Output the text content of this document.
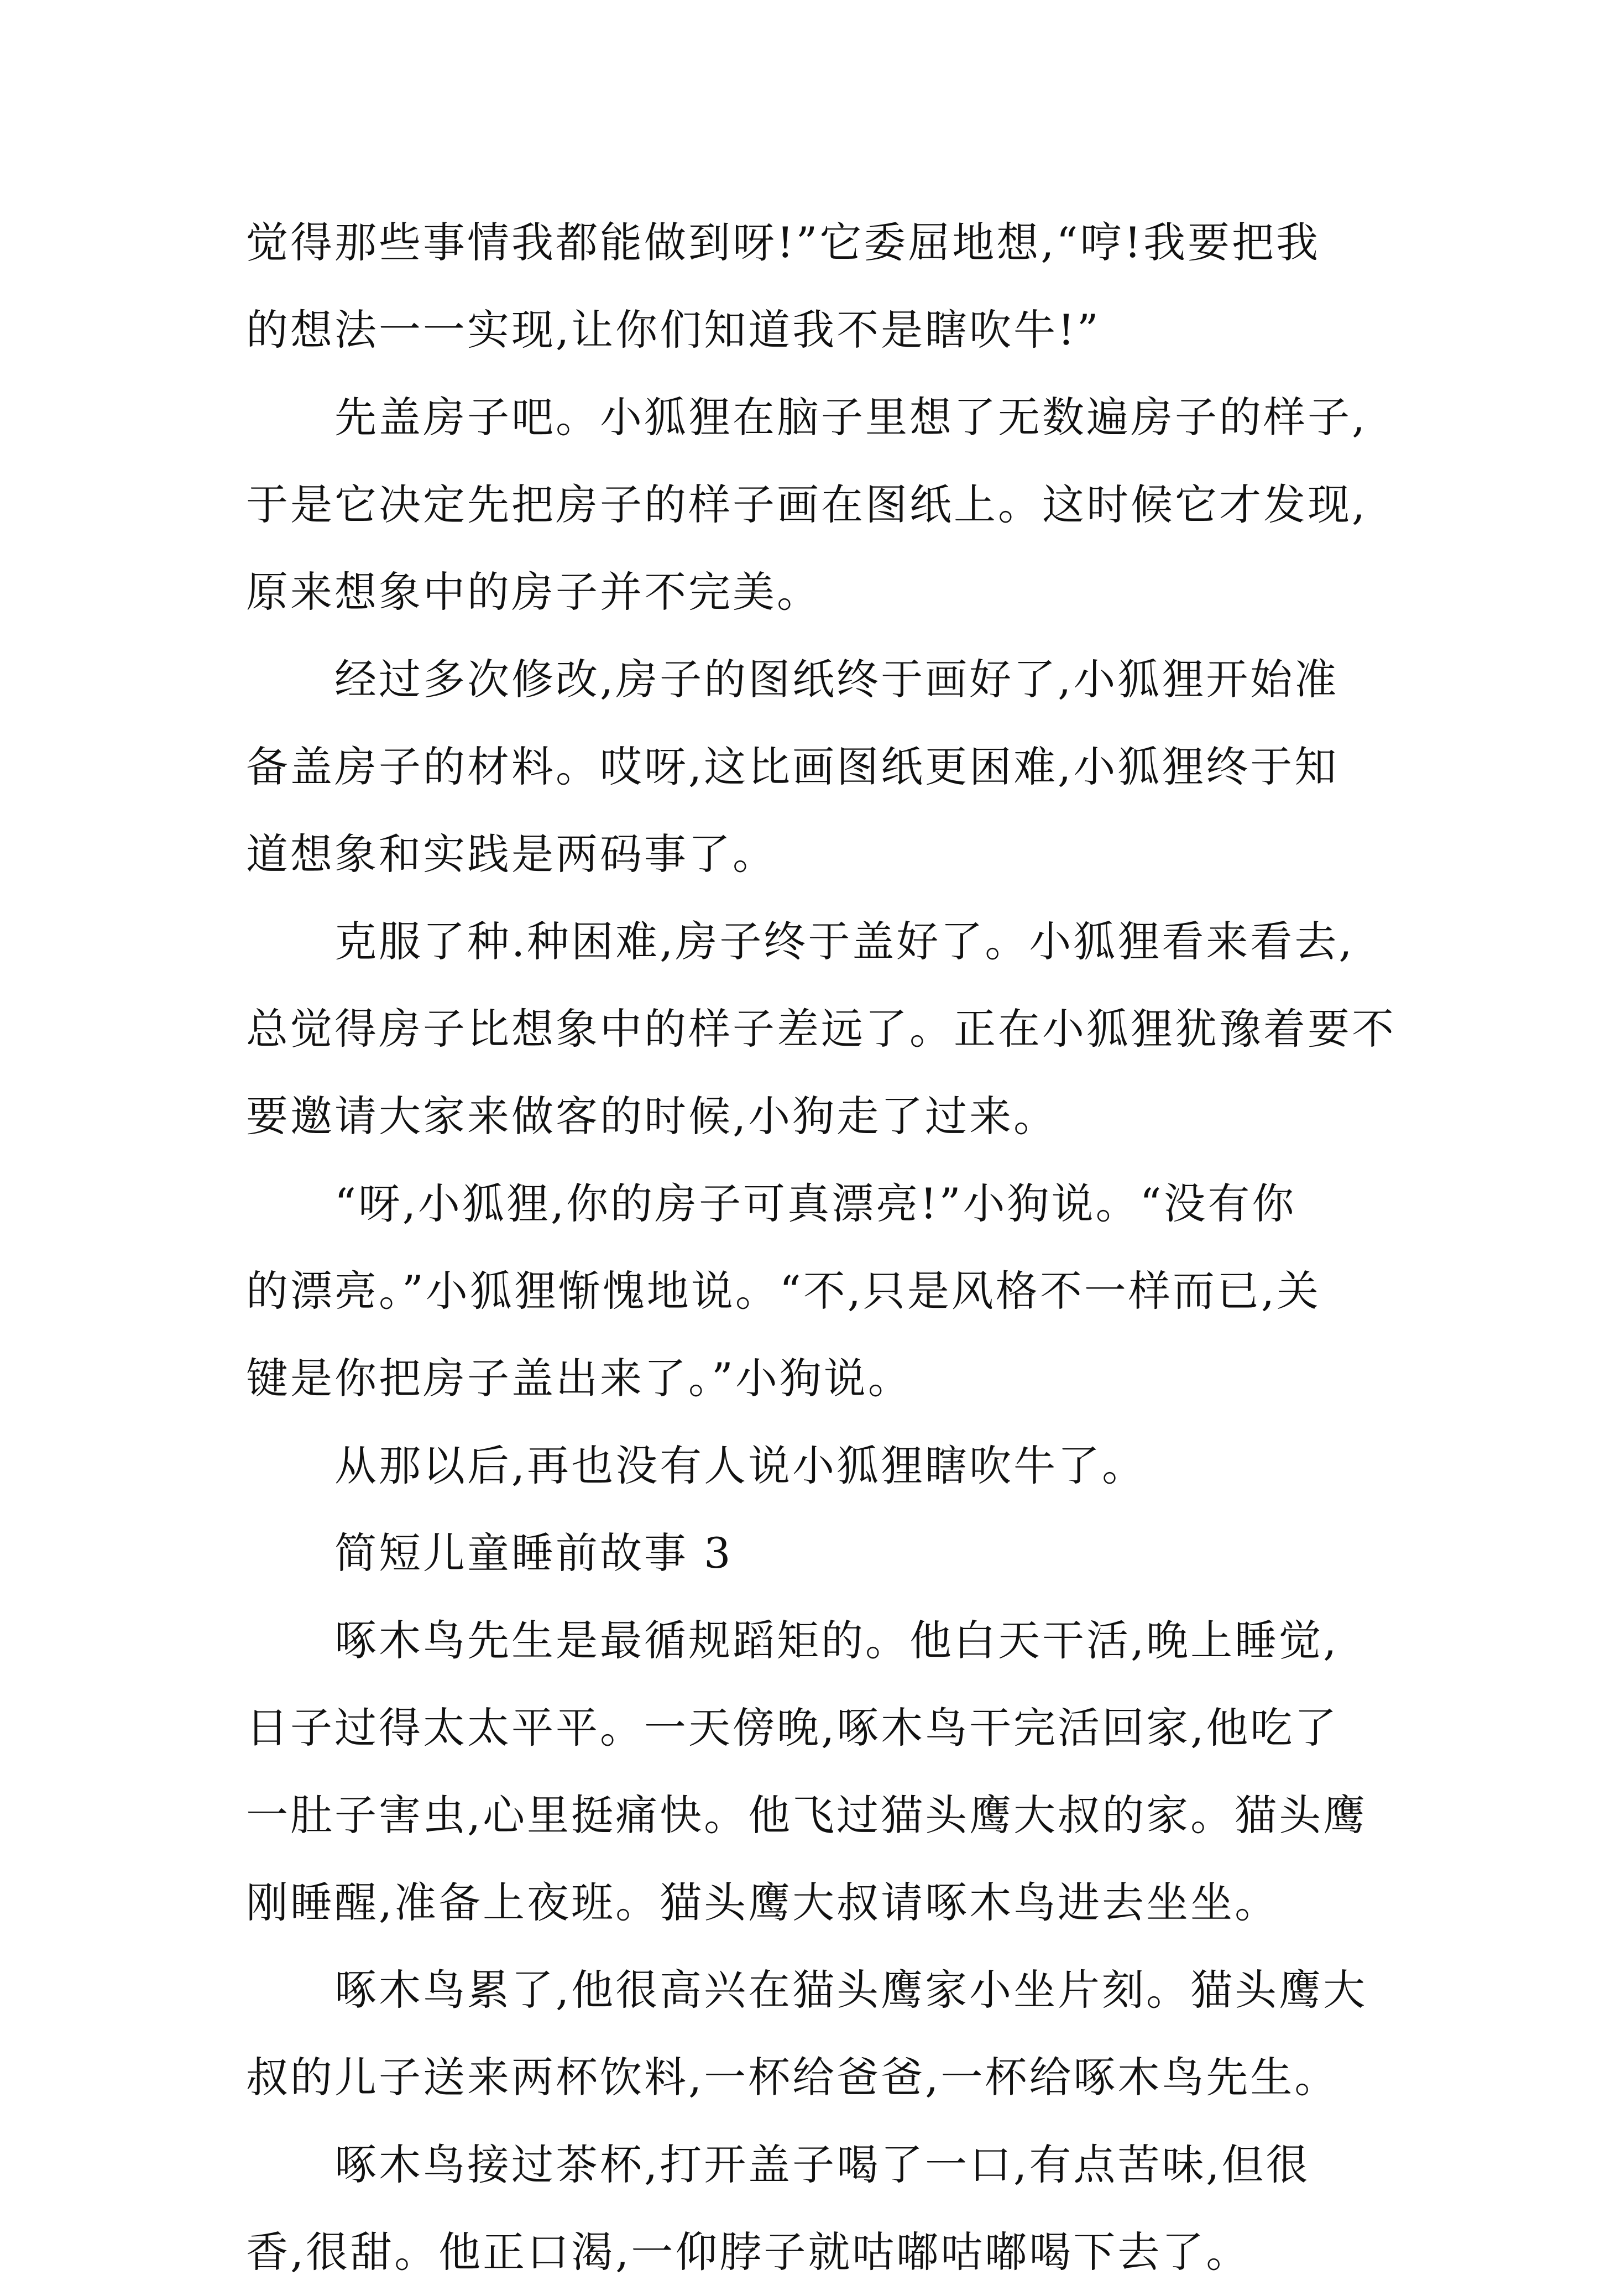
觉得那些事情我都能做到呀!”它委屈地想,“哼!我要把我
的想法一一实现,让你们知道我不是瞎吹牛!”
先盖房子吧。小狐狸在脑子里想了无数遍房子的样子,
于是它决定先把房子的样子画在图纸上。这时候它才发现,
原来想象中的房子并不完美。
经过多次修改,房子的图纸终于画好了,小狐狸开始准
备盖房子的材料。哎呀,这比画图纸更困难,小狐狸终于知
道想象和实践是两码事了。
克服了种.种困难,房子终于盖好了。小狐狸看来看去,
总觉得房子比想象中的样子差远了。正在小狐狸犹豫着要不
要邀请大家来做客的时候,小狗走了过来。
“呀,小狐狸,你的房子可真漂亮!”小狗说。“没有你
的漂亮。”小狐狸惭愧地说。“不,只是风格不一样而已,关
键是你把房子盖出来了。”小狗说。
从那以后,再也没有人说小狐狸瞎吹牛了。
简短儿童睡前故事 3
啄木鸟先生是最循规蹈矩的。他白天干活,晚上睡觉,
日子过得太太平平。一天傍晚,啄木鸟干完活回家,他吃了
一肚子害虫,心里挺痛快。他飞过猫头鹰大叔的家。猫头鹰
刚睡醒,准备上夜班。猫头鹰大叔请啄木鸟进去坐坐。
啄木鸟累了,他很高兴在猫头鹰家小坐片刻。猫头鹰大
叔的儿子送来两杯饮料,一杯给爸爸,一杯给啄木鸟先生。
啄木鸟接过茶杯,打开盖子喝了一口,有点苦味,但很
香,很甜。他正口渴,一仰脖子就咕嘟咕嘟喝下去了。
